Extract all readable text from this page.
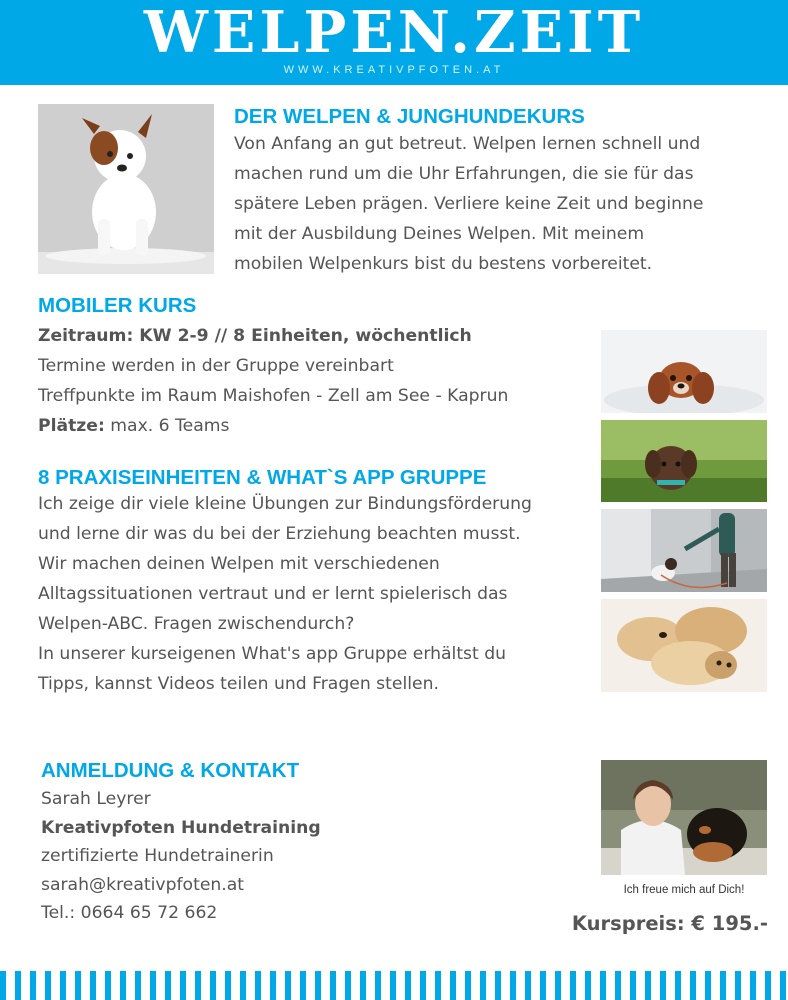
WELPEN.ZEIT
WWW.KREATIVPFOTEN.AT
DER WELPEN & JUNGHUNDEKURS
Von Anfang an gut betreut. Welpen lernen schnell und
machen rund um die Uhr Erfahrungen, die sie für das
spätere Leben prägen. Verliere keine Zeit und beginne
mit der Ausbildung Deines Welpen. Mit meinem
mobilen Welpenkurs bist du bestens vorbereitet.
MOBILER KURS
Zeitraum: KW 2-9 // 8 Einheiten, wöchentlich
Termine werden in der Gruppe vereinbart
Treffpunkte im Raum Maishofen - Zell am See - Kaprun
Plätze: max. 6 Teams
8 PRAXISEINHEITEN & WHAT`S APP GRUPPE
Ich zeige dir viele kleine Übungen zur Bindungsförderung
und lerne dir was du bei der Erziehung beachten musst.
Wir machen deinen Welpen mit verschiedenen
Alltagssituationen vertraut und er lernt spielerisch das
Welpen-ABC. Fragen zwischendurch?
In unserer kurseigenen What's app Gruppe erhältst du
Tipps, kannst Videos teilen und Fragen stellen.
ANMELDUNG & KONTAKT
Sarah Leyrer
Kreativpfoten Hundetraining
zertifizierte Hundetrainerin
sarah@kreativpfoten.at
Tel.: 0664 65 72 662
Ich freue mich auf Dich!
Kurspreis: € 195.-
